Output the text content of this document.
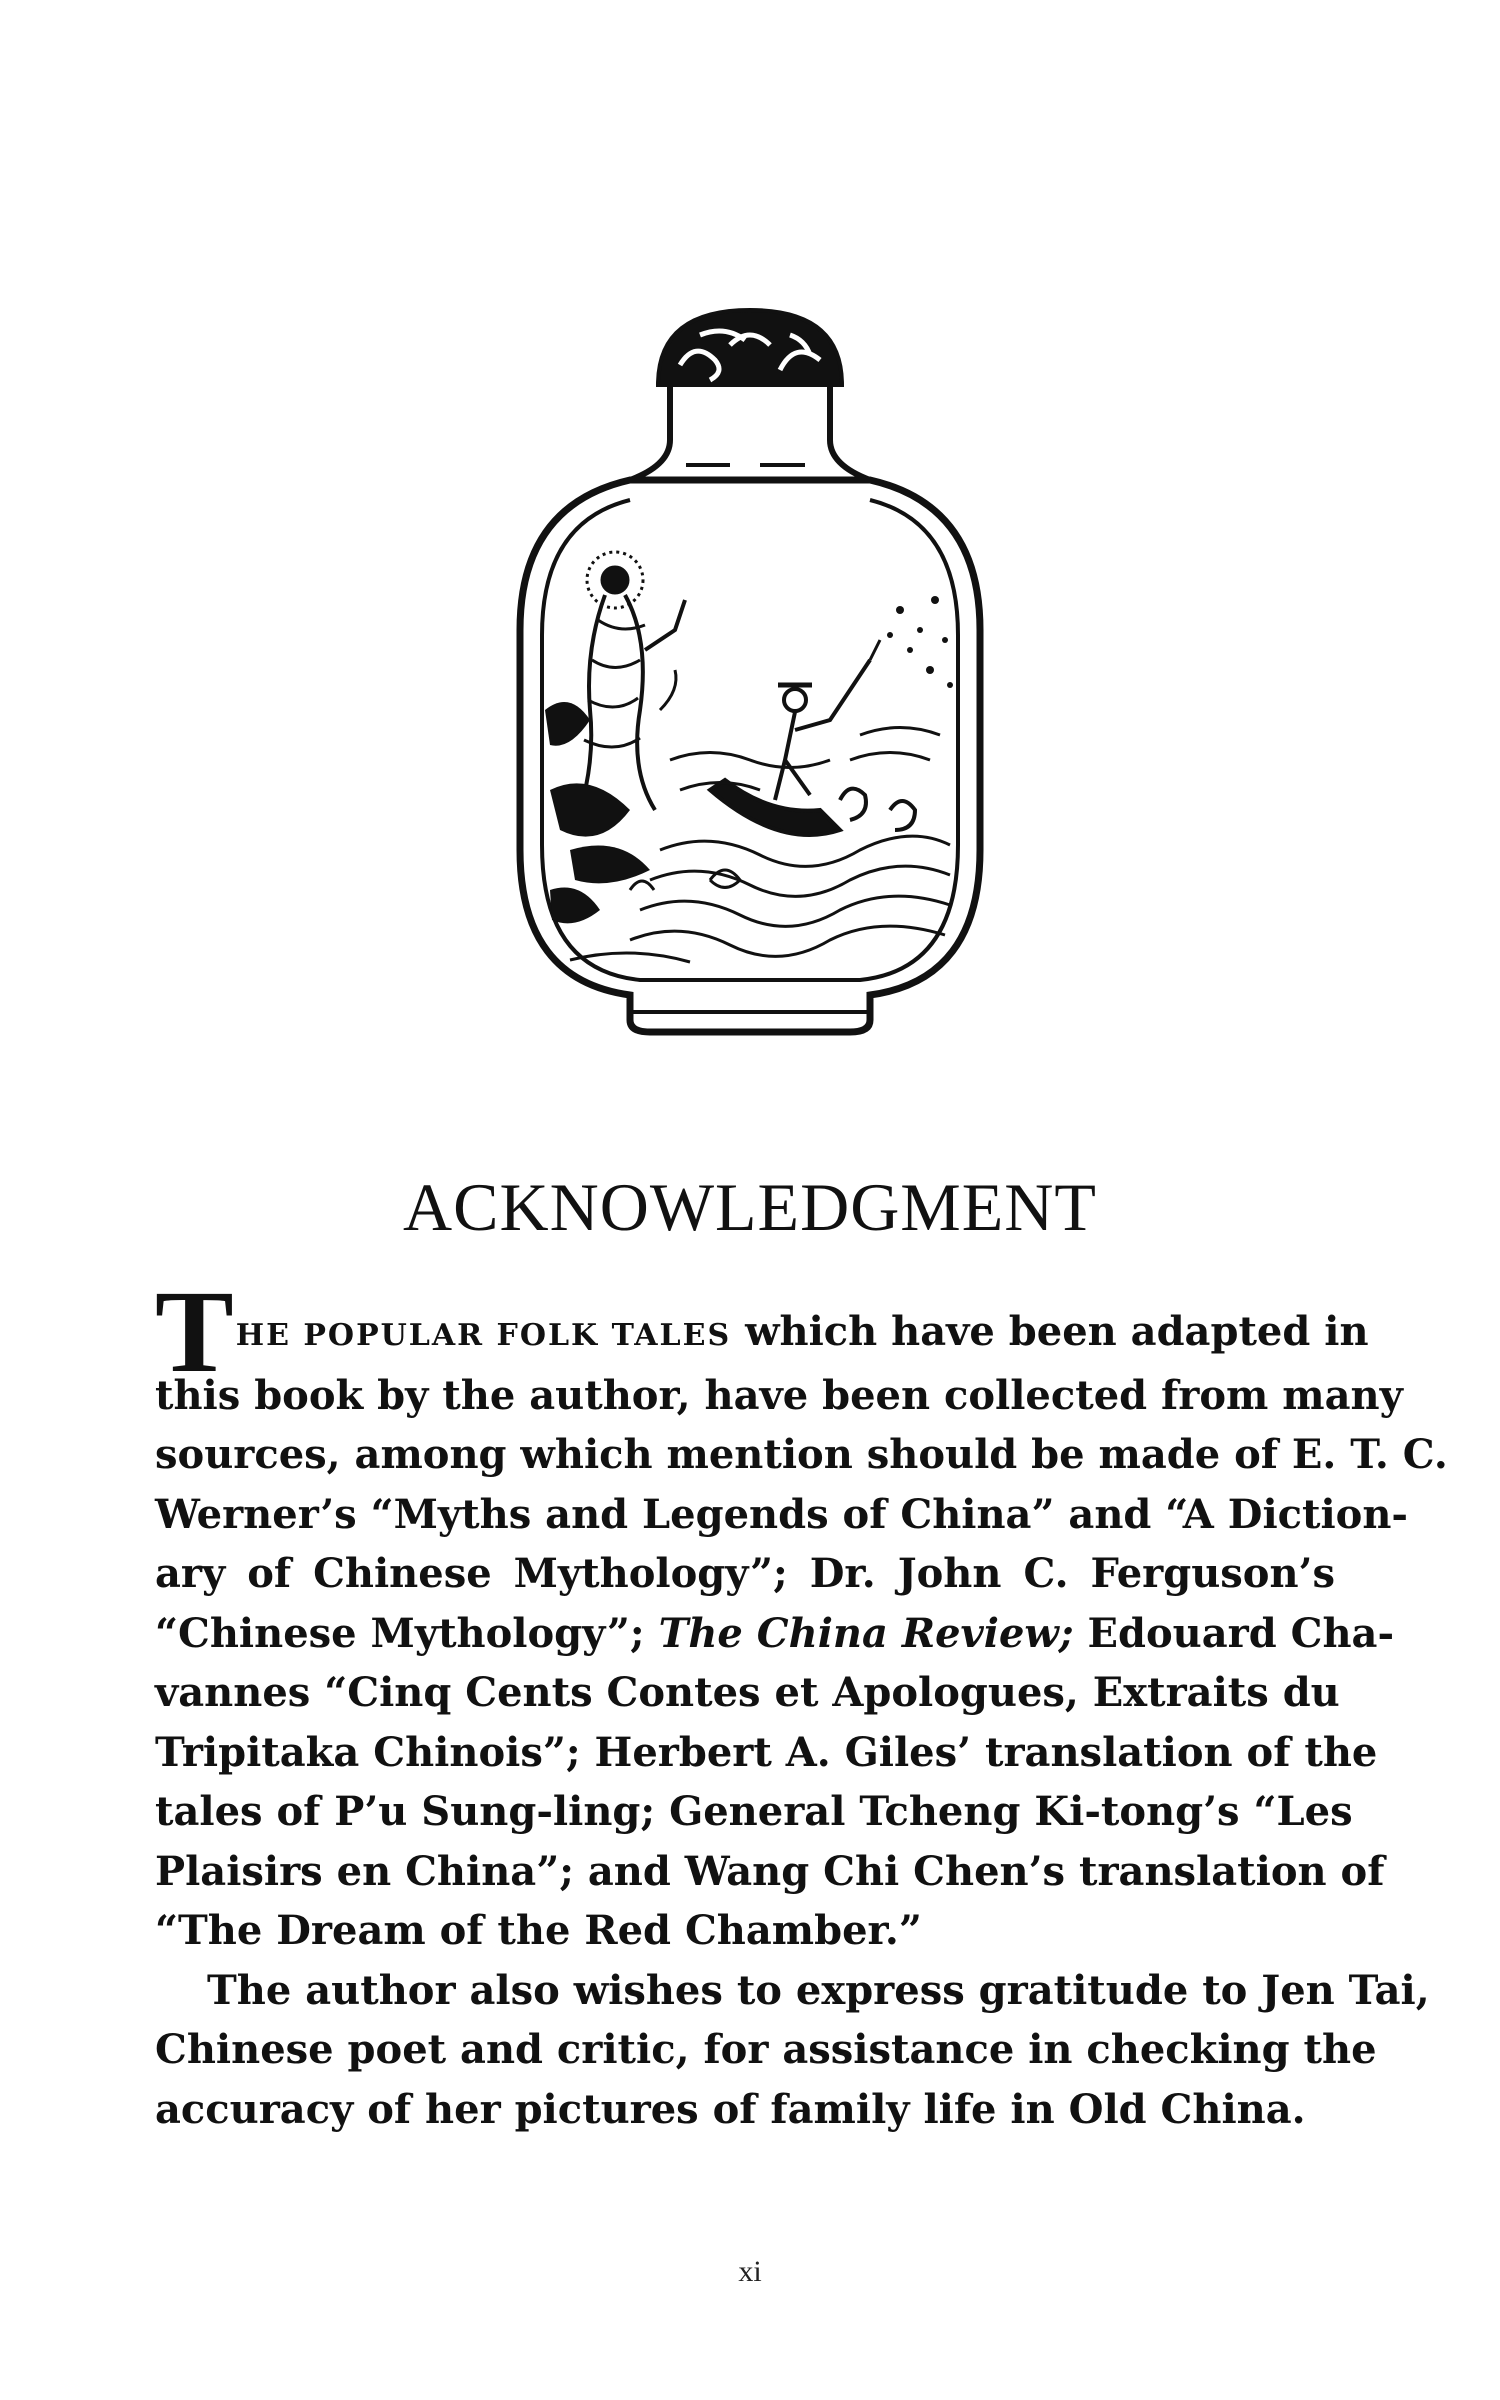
ACKNOWLEDGMENT
THE POPULAR FOLK TALES which have been adapted in
this book by the author, have been collected from many
sources, among which mention should be made of E. T. C.
Werner’s “Myths and Legends of China” and “A Diction-
ary of Chinese Mythology”; Dr. John C. Ferguson’s
“Chinese Mythology”; The China Review; Edouard Cha-
vannes “Cinq Cents Contes et Apologues, Extraits du
Tripitaka Chinois”; Herbert A. Giles’ translation of the
tales of P’u Sung-ling; General Tcheng Ki-tong’s “Les
Plaisirs en China”; and Wang Chi Chen’s translation of
“The Dream of the Red Chamber.”
The author also wishes to express gratitude to Jen Tai,
Chinese poet and critic, for assistance in checking the
accuracy of her pictures of family life in Old China.
xi
